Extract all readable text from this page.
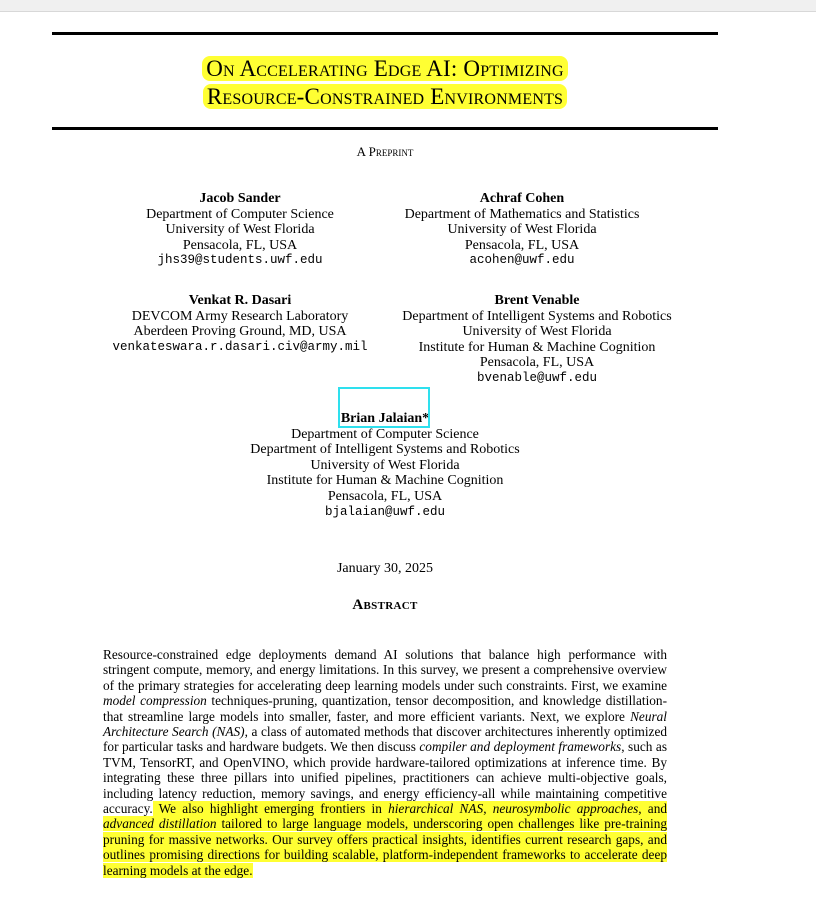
On Accelerating Edge AI: Optimizing
Resource-Constrained Environments
A Preprint
Jacob Sander
Department of Computer Science
University of West Florida
Pensacola, FL, USA
jhs39@students.uwf.edu
Achraf Cohen
Department of Mathematics and Statistics
University of West Florida
Pensacola, FL, USA
acohen@uwf.edu
Venkat R. Dasari
DEVCOM Army Research Laboratory
Aberdeen Proving Ground, MD, USA
venkateswara.r.dasari.civ@army.mil
Brent Venable
Department of Intelligent Systems and Robotics
University of West Florida
Institute for Human & Machine Cognition
Pensacola, FL, USA
bvenable@uwf.edu
Brian Jalaian*
Department of Computer Science
Department of Intelligent Systems and Robotics
University of West Florida
Institute for Human & Machine Cognition
Pensacola, FL, USA
bjalaian@uwf.edu
January 30, 2025
Abstract
Resource-constrained edge deployments demand AI solutions that balance high performance with stringent compute, memory, and energy limitations. In this survey, we present a comprehensive overview of the primary strategies for accelerating deep learning models under such constraints. First, we examine model compression techniques-pruning, quantization, tensor decomposition, and knowledge distillation-that streamline large models into smaller, faster, and more efficient variants. Next, we explore Neural Architecture Search (NAS), a class of automated methods that discover architectures inherently optimized for particular tasks and hardware budgets. We then discuss compiler and deployment frameworks, such as TVM, TensorRT, and OpenVINO, which provide hardware-tailored optimizations at inference time. By integrating these three pillars into unified pipelines, practitioners can achieve multi-objective goals, including latency reduction, memory savings, and energy efficiency-all while maintaining competitive accuracy. We also highlight emerging frontiers in hierarchical NAS, neurosymbolic approaches, and advanced distillation tailored to large language models, underscoring open challenges like pre-training pruning for massive networks. Our survey offers practical insights, identifies current research gaps, and outlines promising directions for building scalable, platform-independent frameworks to accelerate deep learning models at the edge.
